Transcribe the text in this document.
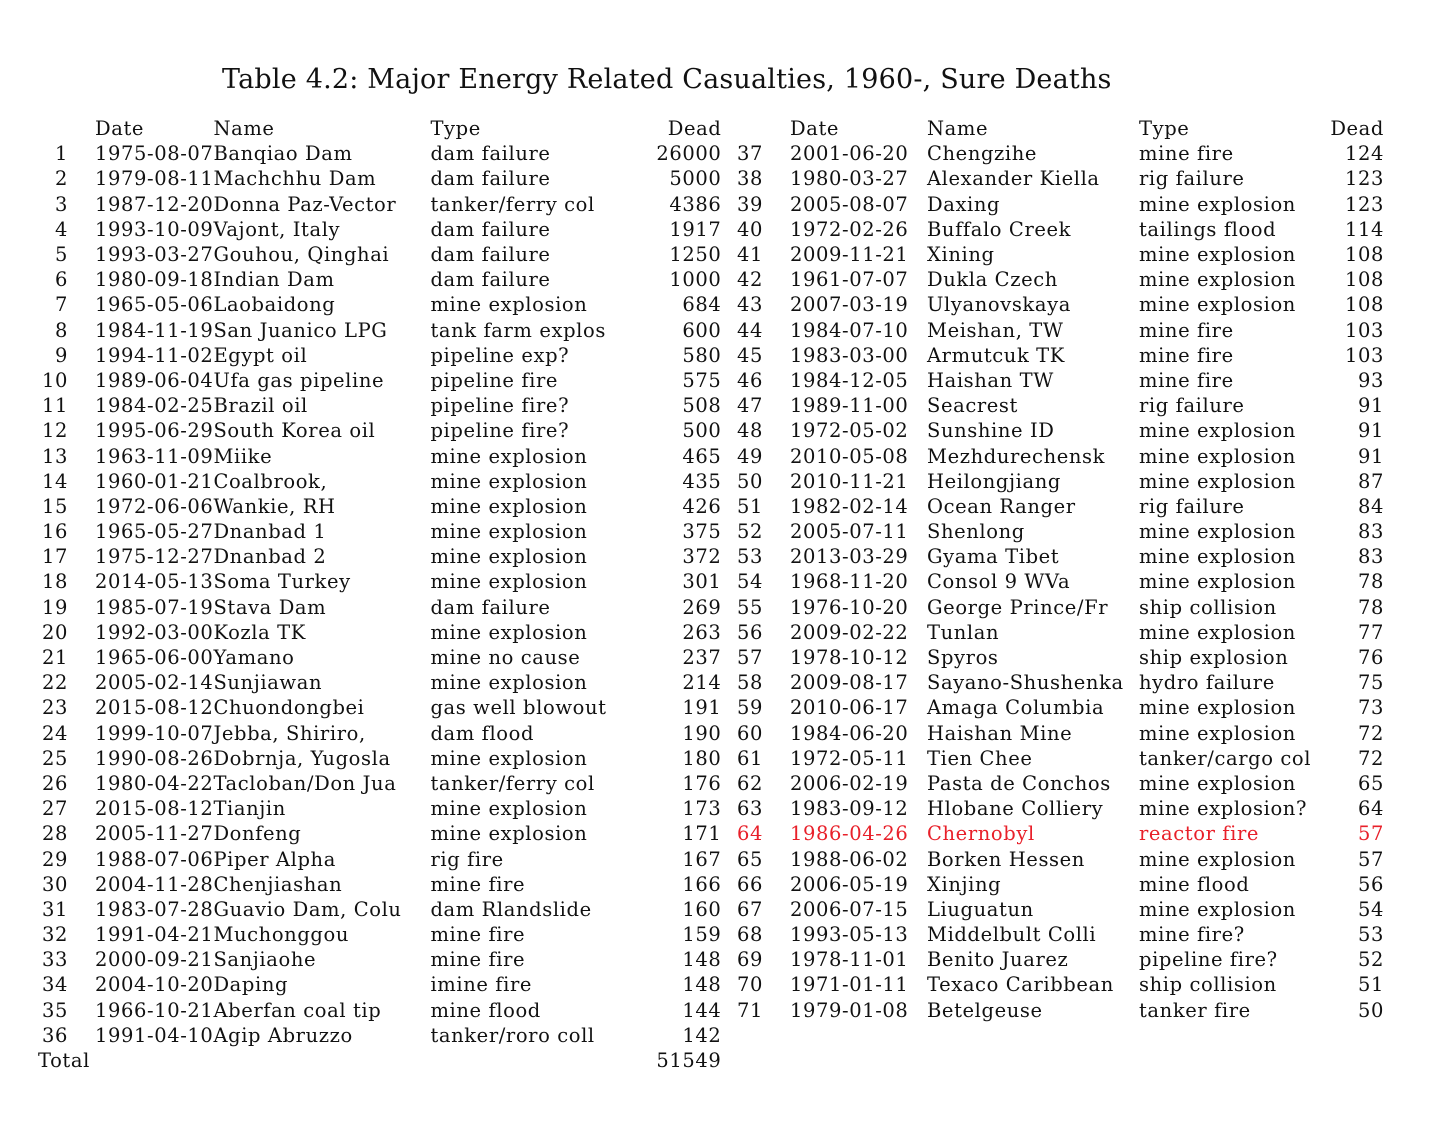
Table 4.2: Major Energy Related Casualties, 1960-, Sure Deaths
	Date	Name	Type	Dead
1	1975-08-07	Banqiao Dam	dam failure	26000
2	1979-08-11	Machchhu Dam	dam failure	5000
3	1987-12-20	Donna Paz-Vector	tanker/ferry col	4386
4	1993-10-09	Vajont, Italy	dam failure	1917
5	1993-03-27	Gouhou, Qinghai	dam failure	1250
6	1980-09-18	Indian Dam	dam failure	1000
7	1965-05-06	Laobaidong	mine explosion	684
8	1984-11-19	San Juanico LPG	tank farm explos	600
9	1994-11-02	Egypt oil	pipeline exp?	580
10	1989-06-04	Ufa gas pipeline	pipeline fire	575
11	1984-02-25	Brazil oil	pipeline fire?	508
12	1995-06-29	South Korea oil	pipeline fire?	500
13	1963-11-09	Miike	mine explosion	465
14	1960-01-21	Coalbrook,	mine explosion	435
15	1972-06-06	Wankie, RH	mine explosion	426
16	1965-05-27	Dnanbad 1	mine explosion	375
17	1975-12-27	Dnanbad 2	mine explosion	372
18	2014-05-13	Soma Turkey	mine explosion	301
19	1985-07-19	Stava Dam	dam failure	269
20	1992-03-00	Kozla TK	mine explosion	263
21	1965-06-00	Yamano	mine no cause	237
22	2005-02-14	Sunjiawan	mine explosion	214
23	2015-08-12	Chuondongbei	gas well blowout	191
24	1999-10-07	Jebba, Shiriro,	dam flood	190
25	1990-08-26	Dobrnja, Yugosla	mine explosion	180
26	1980-04-22	Tacloban/Don Jua	tanker/ferry col	176
27	2015-08-12	Tianjin	mine explosion	173
28	2005-11-27	Donfeng	mine explosion	171
29	1988-07-06	Piper Alpha	rig fire	167
30	2004-11-28	Chenjiashan	mine fire	166
31	1983-07-28	Guavio Dam, Colu	dam Rlandslide	160
32	1991-04-21	Muchonggou	mine fire	159
33	2000-09-21	Sanjiaohe	mine fire	148
34	2004-10-20	Daping	imine fire	148
35	1966-10-21	Aberfan coal tip	mine flood	144
36	1991-04-10	Agip Abruzzo	tanker/roro coll	142
Total				51549
	Date	Name	Type	Dead
37	2001-06-20	Chengzihe	mine fire	124
38	1980-03-27	Alexander Kiella	rig failure	123
39	2005-08-07	Daxing	mine explosion	123
40	1972-02-26	Buffalo Creek	tailings flood	114
41	2009-11-21	Xining	mine explosion	108
42	1961-07-07	Dukla Czech	mine explosion	108
43	2007-03-19	Ulyanovskaya	mine explosion	108
44	1984-07-10	Meishan, TW	mine fire	103
45	1983-03-00	Armutcuk TK	mine fire	103
46	1984-12-05	Haishan TW	mine fire	93
47	1989-11-00	Seacrest	rig failure	91
48	1972-05-02	Sunshine ID	mine explosion	91
49	2010-05-08	Mezhdurechensk	mine explosion	91
50	2010-11-21	Heilongjiang	mine explosion	87
51	1982-02-14	Ocean Ranger	rig failure	84
52	2005-07-11	Shenlong	mine explosion	83
53	2013-03-29	Gyama Tibet	mine explosion	83
54	1968-11-20	Consol 9 WVa	mine explosion	78
55	1976-10-20	George Prince/Fr	ship collision	78
56	2009-02-22	Tunlan	mine explosion	77
57	1978-10-12	Spyros	ship explosion	76
58	2009-08-17	Sayano-Shushenka	hydro failure	75
59	2010-06-17	Amaga Columbia	mine explosion	73
60	1984-06-20	Haishan Mine	mine explosion	72
61	1972-05-11	Tien Chee	tanker/cargo col	72
62	2006-02-19	Pasta de Conchos	mine explosion	65
63	1983-09-12	Hlobane Colliery	mine explosion?	64
64	1986-04-26	Chernobyl	reactor fire	57
65	1988-06-02	Borken Hessen	mine explosion	57
66	2006-05-19	Xinjing	mine flood	56
67	2006-07-15	Liuguatun	mine explosion	54
68	1993-05-13	Middelbult Colli	mine fire?	53
69	1978-11-01	Benito Juarez	pipeline fire?	52
70	1971-01-11	Texaco Caribbean	ship collision	51
71	1979-01-08	Betelgeuse	tanker fire	50
